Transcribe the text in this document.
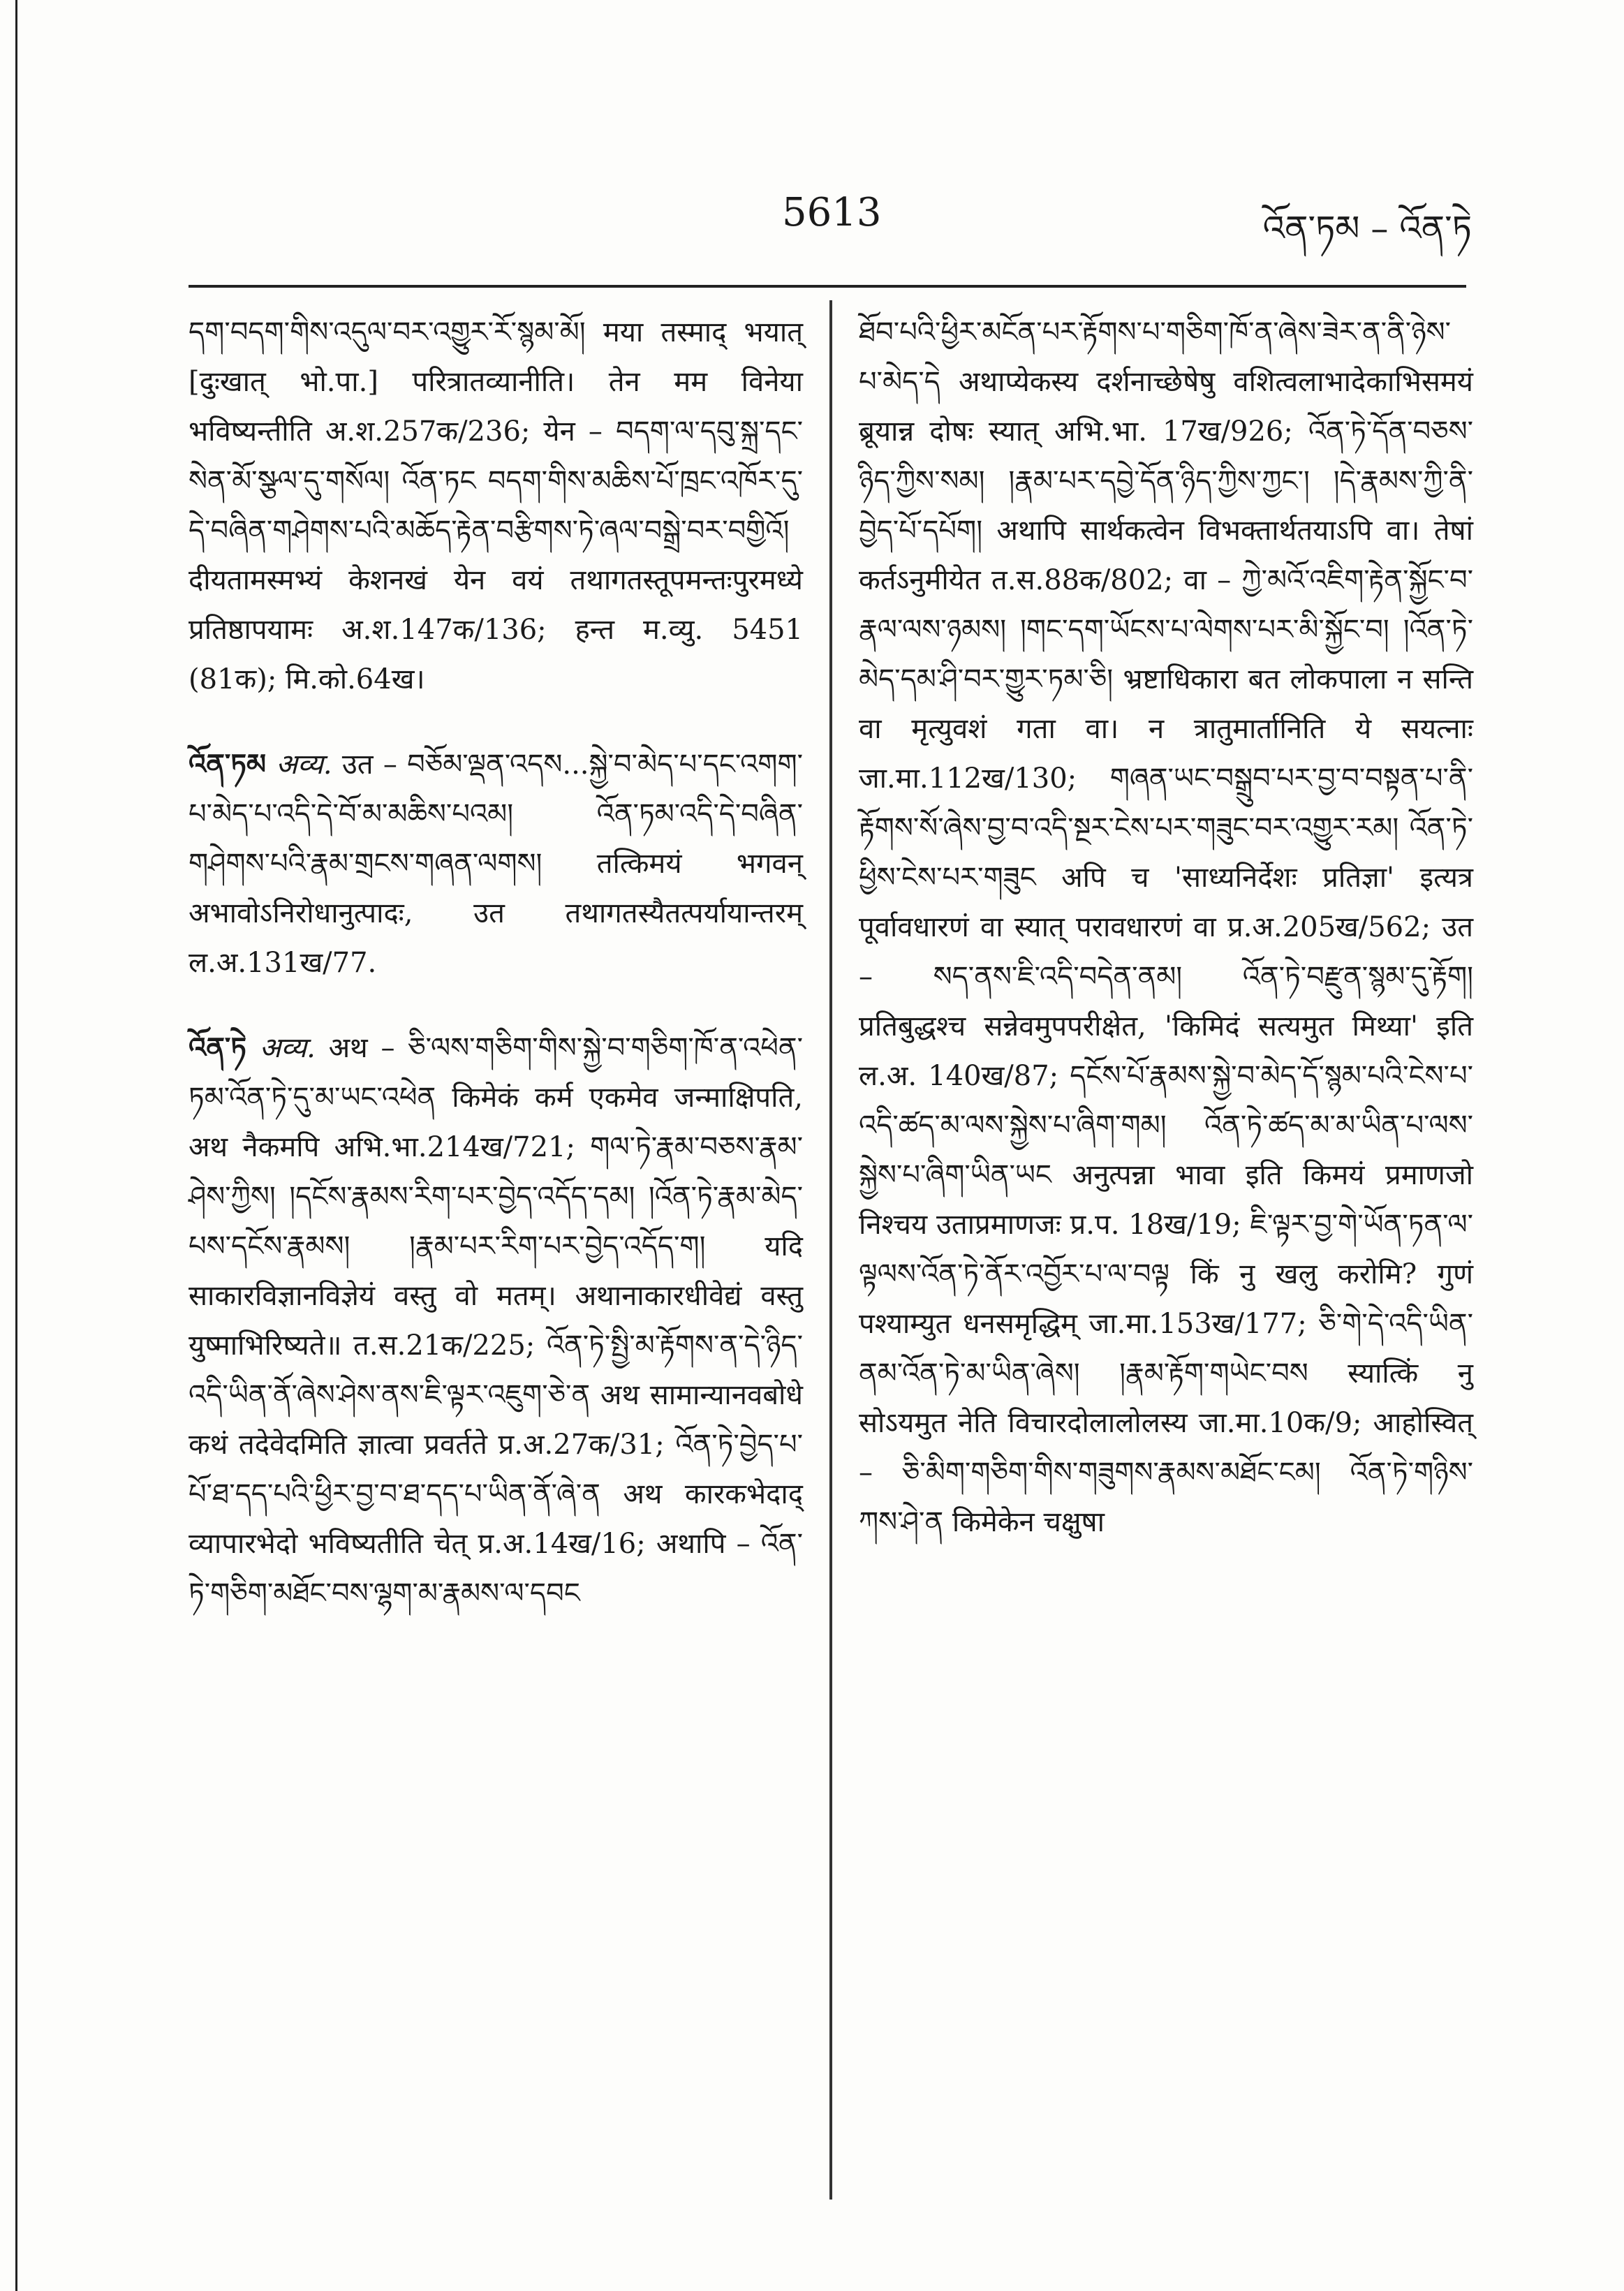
5613	འོན་ཏམ – འོན་ཏེ

དག་བདག་གིས་འདུལ་བར་འགྱུར་རོ་སྙམ་མོ། मया तस्माद् भयात् [दुःखात् भो.पा.] परित्रातव्यानीति। तेन मम विनेया भविष्यन्तीति अ.श.257क/236; येन – བདག་ལ་དབུ་སྐྲ་དང་སེན་མོ་སྩལ་དུ་གསོལ། འོན་ཏང བདག་གིས་མཆིས་པོ་ཁྲང་འཁོར་དུ་དེ་བཞིན་གཤེགས་པའི་མཆོད་རྟེན་བརྩིགས་ཏེ་ཞལ་བསྒྲེ་བར་བགྱིའོ། दीयतामस्मभ्यं केशनखं येन वयं तथागतस्तूपमन्तःपुरमध्ये प्रतिष्ठापयामः अ.श.147क/136; हन्त म.व्यु. 5451 (81क); मि.को.64ख।

འོན་ཏམ अव्य. उत – བཅོམ་ལྡན་འདས...སྐྱེ་བ་མེད་པ་དང་འགག་པ་མེད་པ་འདི་དེ་བོ་མ་མཆིས་པའམ། འོན་ཏམ་འདི་དེ་བཞིན་གཤེགས་པའི་རྣམ་གྲངས་གཞན་ལགས། तत्किमयं भगवन् अभावोऽनिरोधानुत्पादः, उत तथागतस्यैतत्पर्यायान्तरम् ल.अ.131ख/77.

འོན་ཏེ अव्य. अथ – ཅི་ལས་གཅིག་གིས་སྐྱེ་བ་གཅིག་ཁོ་ན་འཕེན་ཏམ་འོན་ཏེ་དུ་མ་ཡང་འཕེན किमेकं कर्म एकमेव जन्माक्षिपति, अथ नैकमपि अभि.भा.214ख/721; གལ་ཏེ་རྣམ་བཅས་རྣམ་ཤེས་ཀྱིས། །དངོས་རྣམས་རིག་པར་བྱེད་འདོད་དམ། །འོན་ཏེ་རྣམ་མེད་པས་དངོས་རྣམས། །རྣམ་པར་རིག་པར་བྱེད་འདོད་ག། यदि साकारविज्ञानविज्ञेयं वस्तु वो मतम्। अथानाकारधीवेद्यं वस्तु युष्माभिरिष्यते॥ त.स.21क/225; འོན་ཏེ་སྤྱི་མ་རྟོགས་ན་དེ་ཉིད་འདི་ཡིན་ནོ་ཞེས་ཤེས་ནས་ཇི་ལྟར་འཇུག་ཅེ་ན अथ सामान्यानवबोधे कथं तदेवेदमिति ज्ञात्वा प्रवर्तते प्र.अ.27क/31; འོན་ཏེ་བྱེད་པ་པོ་ཐ་དད་པའི་ཕྱིར་བྱ་བ་ཐ་དད་པ་ཡིན་ནོ་ཞེ་ན अथ कारकभेदाद् व्यापारभेदो भविष्यतीति चेत् प्र.अ.14ख/16; अथापि – འོན་ཏེ་གཅིག་མཐོང་བས་ལྷག་མ་རྣམས་ལ་དབང

ཐོབ་པའི་ཕྱིར་མངོན་པར་རྟོགས་པ་གཅིག་ཁོ་ན་ཞེས་ཟེར་ན་ནི་ཉེས་པ་མེད་དེ अथाप्येकस्य दर्शनाच्छेषेषु वशित्वलाभादेकाभिसमयं ब्रूयान्न दोषः स्यात् अभि.भा. 17ख/926; འོན་ཏེ་དོན་བཅས་ཉིད་ཀྱིས་སམ། །རྣམ་པར་དབྱེ་དོན་ཉིད་ཀྱིས་ཀྱང་། །དེ་རྣམས་ཀྱི་ནི་བྱེད་པོ་དཔོག། अथापि सार्थकत्वेन विभक्तार्थतयाऽपि वा। तेषां कर्तऽनुमीयेत त.स.88क/802; वा – ཀྱེ་མའོ་འཇིག་རྟེན་སྐྱོང་བ་རྣལ་ལས་ཉམས། །གང་དག་ཡོངས་པ་ལེགས་པར་མི་སྐྱོང་བ། །འོན་ཏེ་མེད་དམ་ཤི་བར་གྱུར་ཏམ་ཅི། भ्रष्टाधिकारा बत लोकपाला न सन्ति वा मृत्युवशं गता वा। न त्रातुमार्तानिति ये सयत्नाः जा.मा.112ख/130; གཞན་ཡང་བསྒྲུབ་པར་བྱ་བ་བསྟན་པ་ནི་རྟོགས་སོ་ཞེས་བྱ་བ་འདི་སྔར་ངེས་པར་གཟུང་བར་འགྱུར་རམ། འོན་ཏེ་ཕྱིས་ངེས་པར་གཟུང अपि च 'साध्यनिर्देशः प्रतिज्ञा' इत्यत्र पूर्वावधारणं वा स्यात् परावधारणं वा प्र.अ.205ख/562; उत – སད་ནས་ཇི་འདི་བདེན་ནམ། འོན་ཏེ་བརྫུན་སྙམ་དུ་རྟོག། प्रतिबुद्धश्च सन्नेवमुपपरीक्षेत, 'किमिदं सत्यमुत मिथ्या' इति ल.अ. 140ख/87; དངོས་པོ་རྣམས་སྐྱེ་བ་མེད་དོ་སྙམ་པའི་ངེས་པ་འདི་ཚད་མ་ལས་སྐྱེས་པ་ཞིག་གམ། འོན་ཏེ་ཚད་མ་མ་ཡིན་པ་ལས་སྐྱེས་པ་ཞིག་ཡིན་ཡང अनुत्पन्ना भावा इति किमयं प्रमाणजो निश्चय उताप्रमाणजः प्र.प. 18ख/19; ཇི་ལྟར་བྱ་གེ་ཡོན་ཏན་ལ་ལྟལས་འོན་ཏེ་ནོར་འབྱོར་པ་ལ་བལྟ किं नु खलु करोमि? गुणं पश्याम्युत धनसमृद्धिम् जा.मा.153ख/177; ཅི་གེ་དེ་འདི་ཡིན་ནམ་འོན་ཏེ་མ་ཡིན་ཞེས། །རྣམ་རྟོག་གཡེང་བས स्यात्किं नु सोऽयमुत नेति विचारदोलालोलस्य जा.मा.10क/9; आहोस्वित् – ཅི་མིག་གཅིག་གིས་གཟུགས་རྣམས་མཐོང་ངམ། འོན་ཏེ་གཉིས་ཀས་ཤེ་ན किमेकेन चक्षुषा
